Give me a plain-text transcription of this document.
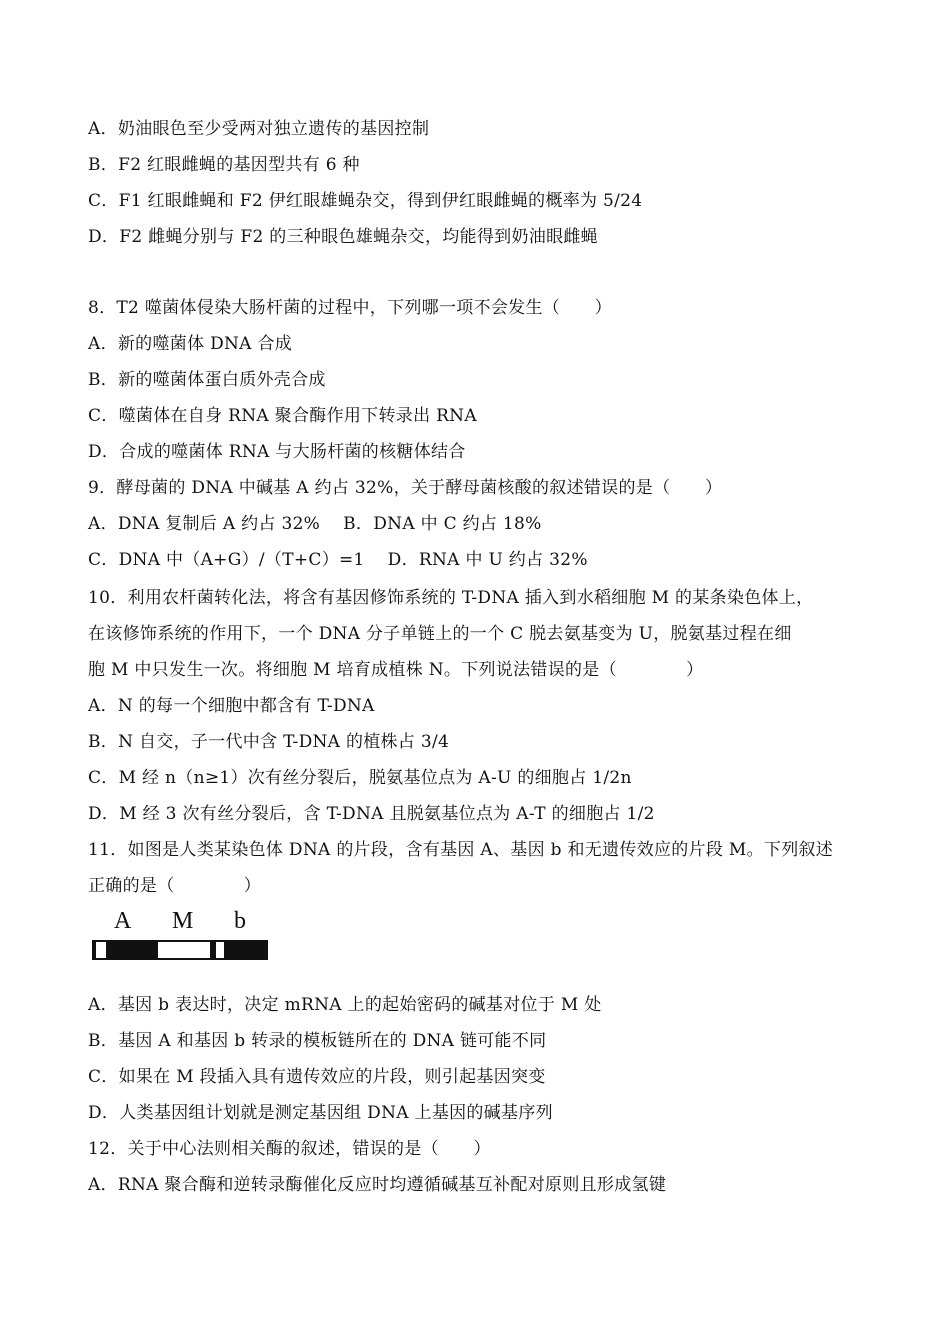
A．奶油眼色至少受两对独立遗传的基因控制
B．F2 红眼雌蝇的基因型共有 6 种
C．F1 红眼雌蝇和 F2 伊红眼雄蝇杂交，得到伊红眼雌蝇的概率为 5/24
D．F2 雌蝇分别与 F2 的三种眼色雄蝇杂交，均能得到奶油眼雌蝇
8．T2 噬菌体侵染大肠杆菌的过程中，下列哪一项不会发生（　　）
A．新的噬菌体 DNA 合成
B．新的噬菌体蛋白质外壳合成
C．噬菌体在自身 RNA 聚合酶作用下转录出 RNA
D．合成的噬菌体 RNA 与大肠杆菌的核糖体结合
9．酵母菌的 DNA 中碱基 A 约占 32%，关于酵母菌核酸的叙述错误的是（　　）
A．DNA 复制后 A 约占 32%　 B．DNA 中 C 约占 18%
C．DNA 中（A+G）/（T+C）=1　 D．RNA 中 U 约占 32%
10．利用农杆菌转化法，将含有基因修饰系统的 T-DNA 插入到水稻细胞 M 的某条染色体上，
在该修饰系统的作用下，一个 DNA 分子单链上的一个 C 脱去氨基变为 U，脱氨基过程在细
胞 M 中只发生一次。将细胞 M 培育成植株 N。下列说法错误的是（　　　　）
A．N 的每一个细胞中都含有 T-DNA
B．N 自交，子一代中含 T-DNA 的植株占 3/4
C．M 经 n（n≥1）次有丝分裂后，脱氨基位点为 A-U 的细胞占 1/2n
D．M 经 3 次有丝分裂后，含 T-DNA 且脱氨基位点为 A-T 的细胞占 1/2
11．如图是人类某染色体 DNA 的片段，含有基因 A、基因 b 和无遗传效应的片段 M。下列叙述
正确的是（　　　　）
A M b
A．基因 b 表达时，决定 mRNA 上的起始密码的碱基对位于 M 处
B．基因 A 和基因 b 转录的模板链所在的 DNA 链可能不同
C．如果在 M 段插入具有遗传效应的片段，则引起基因突变
D．人类基因组计划就是测定基因组 DNA 上基因的碱基序列
12．关于中心法则相关酶的叙述，错误的是（　　）
A．RNA 聚合酶和逆转录酶催化反应时均遵循碱基互补配对原则且形成氢键
